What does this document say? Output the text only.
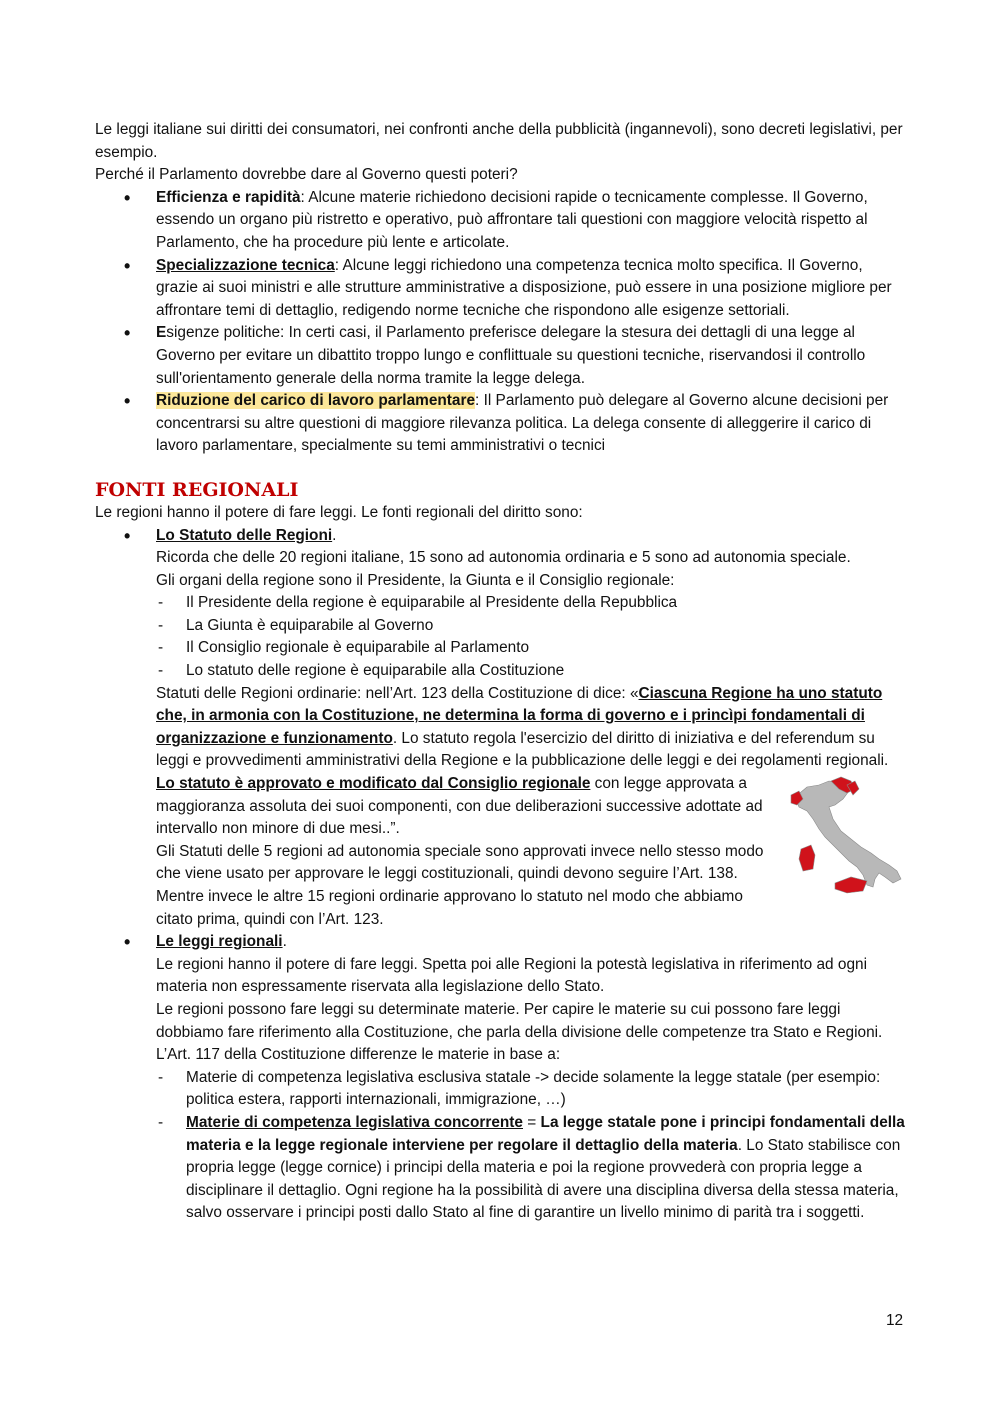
Le leggi italiane sui diritti dei consumatori, nei confronti anche della pubblicità (ingannevoli), sono decreti legislativi, per esempio.

Perché il Parlamento dovrebbe dare al Governo questi poteri?

• Efficienza e rapidità: Alcune materie richiedono decisioni rapide o tecnicamente complesse. Il Governo, essendo un organo più ristretto e operativo, può affrontare tali questioni con maggiore velocità rispetto al Parlamento, che ha procedure più lente e articolate.
• Specializzazione tecnica: Alcune leggi richiedono una competenza tecnica molto specifica. Il Governo, grazie ai suoi ministri e alle strutture amministrative a disposizione, può essere in una posizione migliore per affrontare temi di dettaglio, redigendo norme tecniche che rispondono alle esigenze settoriali.
• Esigenze politiche: In certi casi, il Parlamento preferisce delegare la stesura dei dettagli di una legge al Governo per evitare un dibattito troppo lungo e conflittuale su questioni tecniche, riservandosi il controllo sull'orientamento generale della norma tramite la legge delega.
• Riduzione del carico di lavoro parlamentare: Il Parlamento può delegare al Governo alcune decisioni per concentrarsi su altre questioni di maggiore rilevanza politica. La delega consente di alleggerire il carico di lavoro parlamentare, specialmente su temi amministrativi o tecnici
FONTI REGIONALI

Le regioni hanno il potere di fare leggi. Le fonti regionali del diritto sono:

• Lo Statuto delle Regioni.

Ricorda che delle 20 regioni italiane, 15 sono ad autonomia ordinaria e 5 sono ad autonomia speciale.

Gli organi della regione sono il Presidente, la Giunta e il Consiglio regionale:

- Il Presidente della regione è equiparabile al Presidente della Repubblica
- La Giunta è equiparabile al Governo
- Il Consiglio regionale è equiparabile al Parlamento
- Lo statuto delle regione è equiparabile alla Costituzione

Statuti delle Regioni ordinarie: nell’Art. 123 della Costituzione di dice: «Ciascuna Regione ha uno statuto che, in armonia con la Costituzione, ne determina la forma di governo e i princìpi fondamentali di organizzazione e funzionamento. Lo statuto regola l'esercizio del diritto di iniziativa e del referendum su leggi e provvedimenti amministrativi della Regione e la pubblicazione delle leggi e dei regolamenti regionali. Lo statuto è approvato e modificato dal Consiglio regionale
con legge approvata a maggioranza assoluta dei suoi componenti, con due deliberazioni successive adottate ad intervallo non minore di due mesi..”.

Gli Statuti delle 5 regioni ad autonomia speciale sono approvati invece nello stesso modo che viene usato per approvare le leggi costituzionali, quindi devono seguire l’Art. 138. Mentre invece le altre 15 regioni ordinarie approvano lo statuto nel modo che abbiamo citato prima, quindi con l’Art. 123.

• Le leggi regionali.

Le regioni hanno il potere di fare leggi. Spetta poi alle Regioni la potestà legislativa in riferimento ad ogni materia non espressamente riservata alla legislazione dello Stato.

Le regioni possono fare leggi su determinate materie. Per capire le materie su cui possono fare leggi dobbiamo fare riferimento alla Costituzione, che parla della divisione delle competenze tra Stato e Regioni. L’Art. 117 della Costituzione differenze le materie in base a:

- Materie di competenza legislativa esclusiva statale -> decide solamente la legge statale (per esempio: politica estera, rapporti internazionali, immigrazione, …)
- Materie di competenza legislativa concorrente = La legge statale pone i principi fondamentali della materia e la legge regionale interviene per regolare il dettaglio della materia. Lo Stato stabilisce con propria legge (legge cornice) i principi della materia e poi la regione provvederà con propria legge a disciplinare il dettaglio. Ogni regione ha la possibilità di avere una disciplina diversa della stessa materia, salvo osservare i principi posti dallo Stato al fine di garantire un livello minimo di parità tra i soggetti.
12
